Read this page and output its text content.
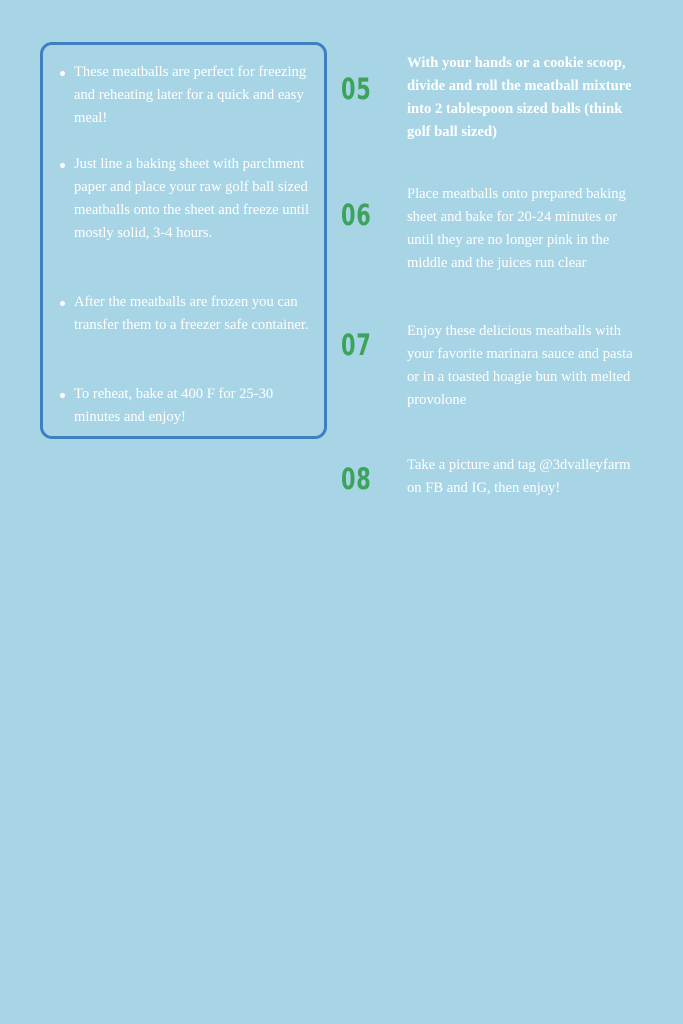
These meatballs are perfect for freezing and reheating later for a quick and easy meal!
Just line a baking sheet with parchment paper and place your raw golf ball sized meatballs onto the sheet and freeze until mostly solid, 3-4 hours.
After the meatballs are frozen you can transfer them to a freezer safe container.
To reheat, bake at 400 F for 25-30 minutes and enjoy!
05
With your hands or a cookie scoop, divide and roll the meatball mixture into 2 tablespoon sized balls (think golf ball sized)
06
Place meatballs onto prepared baking sheet and bake for 20-24 minutes or until they are no longer pink in the middle and the juices run clear
07 Enjoy these delicious meatballs with your favorite marinara sauce and pasta or in a toasted hoagie bun with melted provolone
08 Take a picture and tag @3dvalleyfarm on FB and IG, then enjoy!
